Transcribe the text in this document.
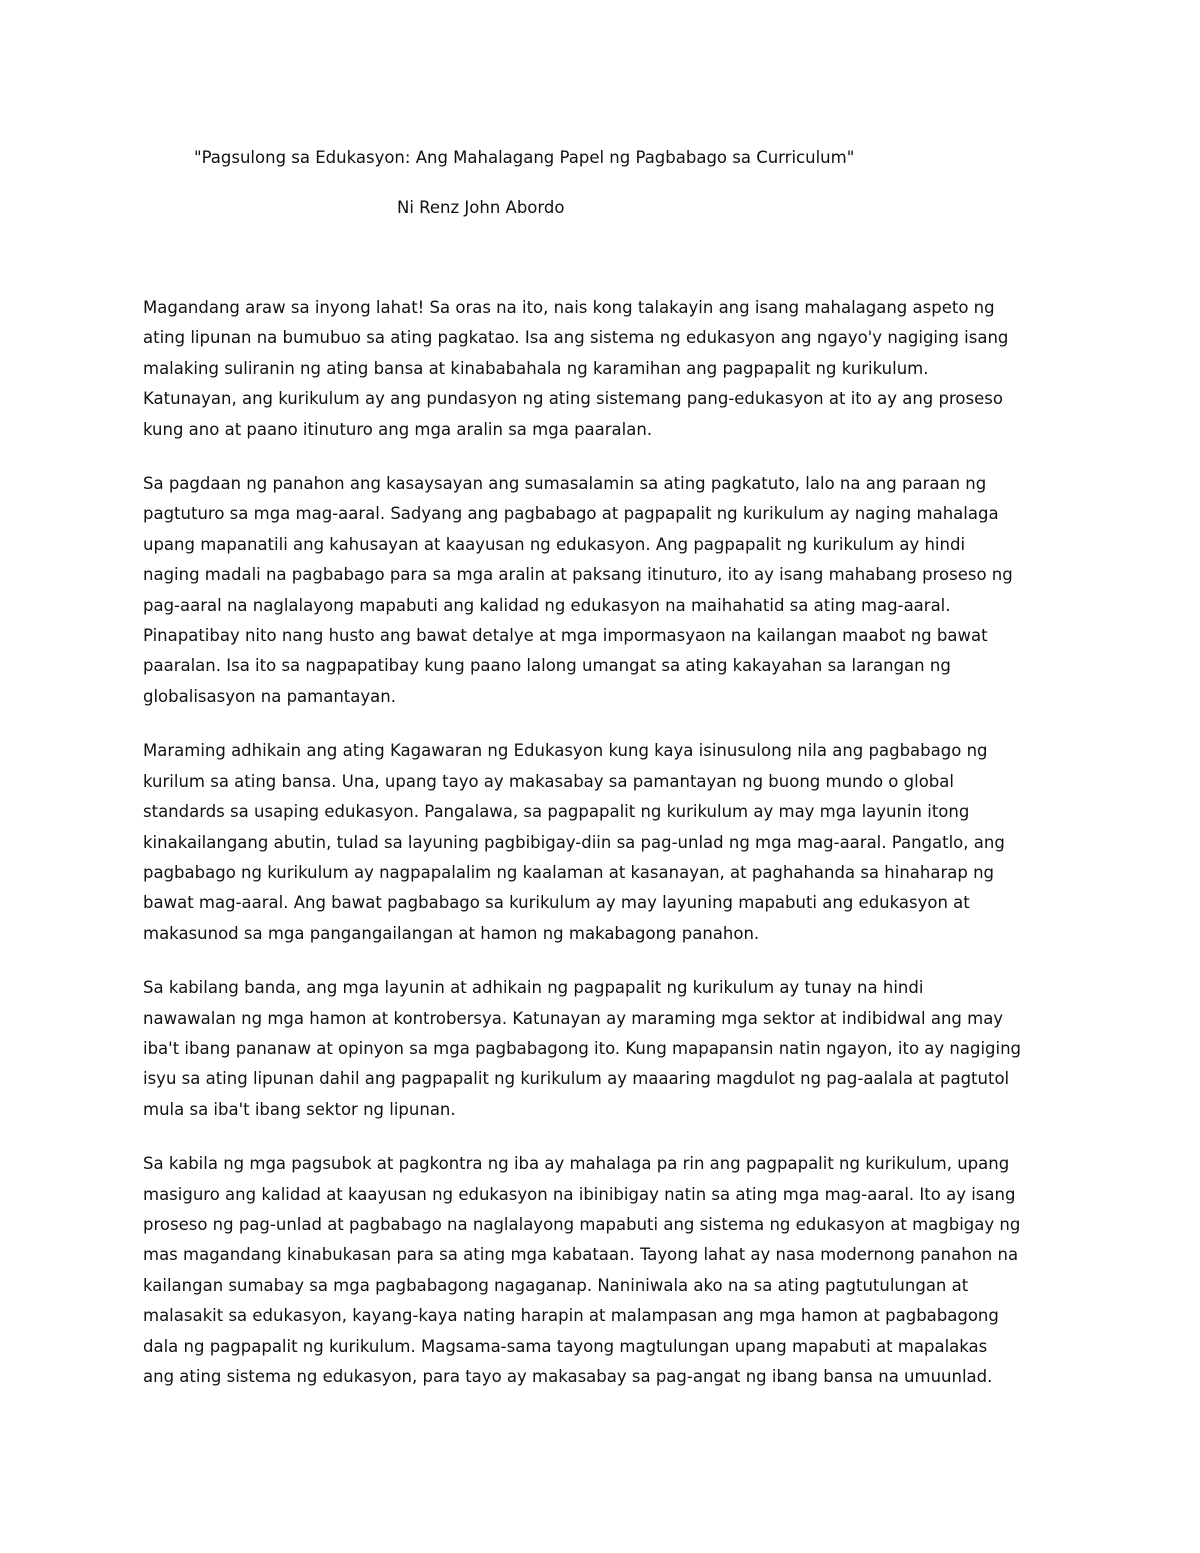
"Pagsulong sa Edukasyon: Ang Mahalagang Papel ng Pagbabago sa Curriculum"

Ni Renz John Abordo

Magandang araw sa inyong lahat! Sa oras na ito, nais kong talakayin ang isang mahalagang aspeto ng
ating lipunan na bumubuo sa ating pagkatao. Isa ang sistema ng edukasyon ang ngayo'y nagiging isang
malaking suliranin ng ating bansa at kinababahala ng karamihan ang pagpapalit ng kurikulum.
Katunayan, ang kurikulum ay ang pundasyon ng ating sistemang pang-edukasyon at ito ay ang proseso
kung ano at paano itinuturo ang mga aralin sa mga paaralan.

Sa pagdaan ng panahon ang kasaysayan ang sumasalamin sa ating pagkatuto, lalo na ang paraan ng
pagtuturo sa mga mag-aaral. Sadyang ang pagbabago at pagpapalit ng kurikulum ay naging mahalaga
upang mapanatili ang kahusayan at kaayusan ng edukasyon. Ang pagpapalit ng kurikulum ay hindi
naging madali na pagbabago para sa mga aralin at paksang itinuturo, ito ay isang mahabang proseso ng
pag-aaral na naglalayong mapabuti ang kalidad ng edukasyon na maihahatid sa ating mag-aaral.
Pinapatibay nito nang husto ang bawat detalye at mga impormasyaon na kailangan maabot ng bawat
paaralan. Isa ito sa nagpapatibay kung paano lalong umangat sa ating kakayahan sa larangan ng
globalisasyon na pamantayan.

Maraming adhikain ang ating Kagawaran ng Edukasyon kung kaya isinusulong nila ang pagbabago ng
kurilum sa ating bansa. Una, upang tayo ay makasabay sa pamantayan ng buong mundo o global
standards sa usaping edukasyon. Pangalawa, sa pagpapalit ng kurikulum ay may mga layunin itong
kinakailangang abutin, tulad sa layuning pagbibigay-diin sa pag-unlad ng mga mag-aaral. Pangatlo, ang
pagbabago ng kurikulum ay nagpapalalim ng kaalaman at kasanayan, at paghahanda sa hinaharap ng
bawat mag-aaral. Ang bawat pagbabago sa kurikulum ay may layuning mapabuti ang edukasyon at
makasunod sa mga pangangailangan at hamon ng makabagong panahon.

Sa kabilang banda, ang mga layunin at adhikain ng pagpapalit ng kurikulum ay tunay na hindi
nawawalan ng mga hamon at kontrobersya. Katunayan ay maraming mga sektor at indibidwal ang may
iba't ibang pananaw at opinyon sa mga pagbabagong ito. Kung mapapansin natin ngayon, ito ay nagiging
isyu sa ating lipunan dahil ang pagpapalit ng kurikulum ay maaaring magdulot ng pag-aalala at pagtutol
mula sa iba't ibang sektor ng lipunan.

Sa kabila ng mga pagsubok at pagkontra ng iba ay mahalaga pa rin ang pagpapalit ng kurikulum, upang
masiguro ang kalidad at kaayusan ng edukasyon na ibinibigay natin sa ating mga mag-aaral. Ito ay isang
proseso ng pag-unlad at pagbabago na naglalayong mapabuti ang sistema ng edukasyon at magbigay ng
mas magandang kinabukasan para sa ating mga kabataan. Tayong lahat ay nasa modernong panahon na
kailangan sumabay sa mga pagbabagong nagaganap. Naniniwala ako na sa ating pagtutulungan at
malasakit sa edukasyon, kayang-kaya nating harapin at malampasan ang mga hamon at pagbabagong
dala ng pagpapalit ng kurikulum. Magsama-sama tayong magtulungan upang mapabuti at mapalakas
ang ating sistema ng edukasyon, para tayo ay makasabay sa pag-angat ng ibang bansa na umuunlad.
